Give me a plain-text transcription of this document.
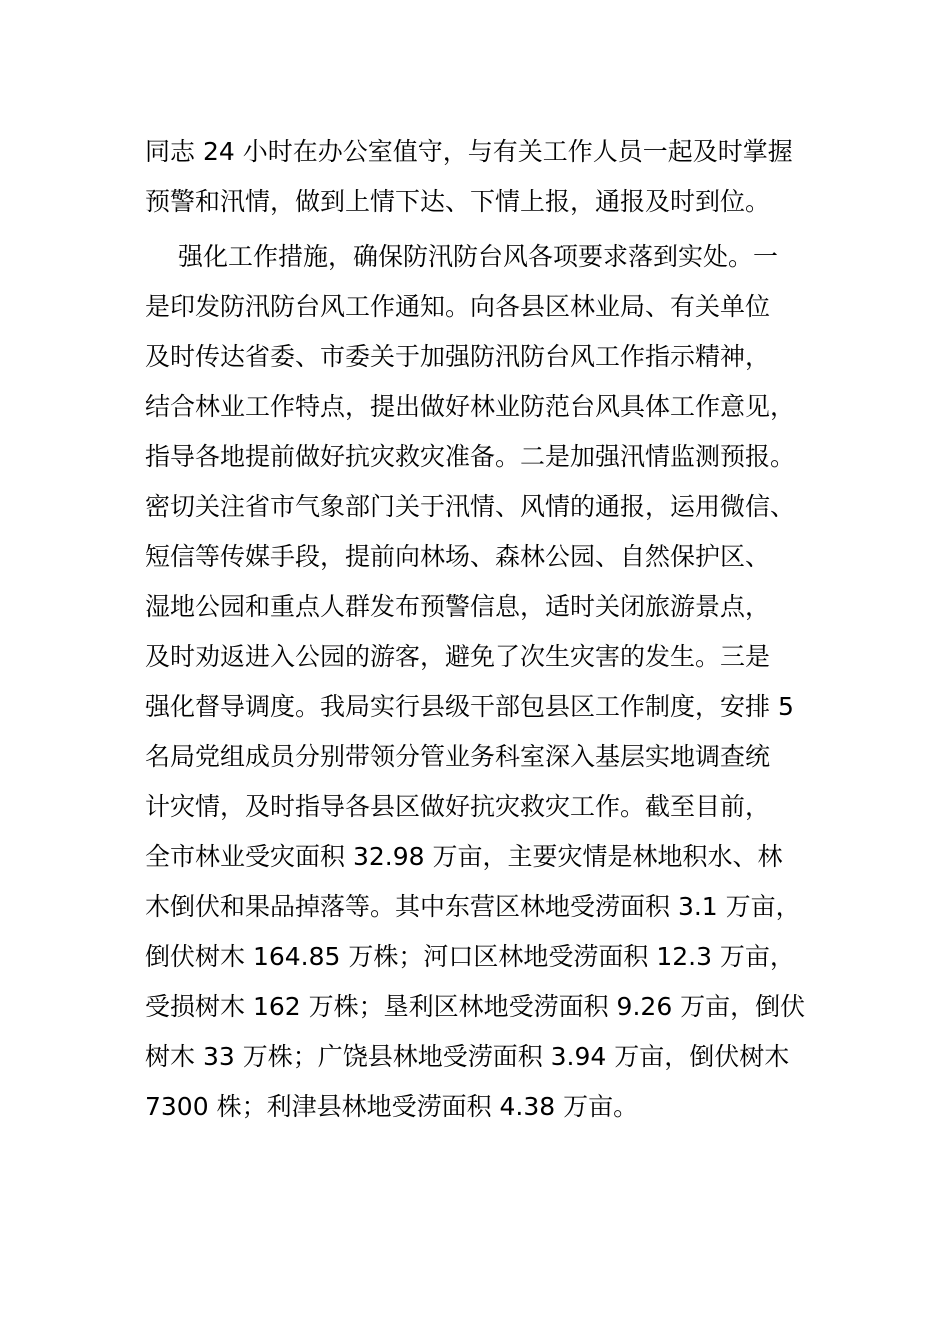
同志 24 小时在办公室值守，与有关工作人员一起及时掌握
预警和汛情，做到上情下达、下情上报，通报及时到位。
强化工作措施，确保防汛防台风各项要求落到实处。一
是印发防汛防台风工作通知。向各县区林业局、有关单位
及时传达省委、市委关于加强防汛防台风工作指示精神，
结合林业工作特点，提出做好林业防范台风具体工作意见，
指导各地提前做好抗灾救灾准备。二是加强汛情监测预报。
密切关注省市气象部门关于汛情、风情的通报，运用微信、
短信等传媒手段，提前向林场、森林公园、自然保护区、
湿地公园和重点人群发布预警信息，适时关闭旅游景点，
及时劝返进入公园的游客，避免了次生灾害的发生。三是
强化督导调度。我局实行县级干部包县区工作制度，安排 5
名局党组成员分别带领分管业务科室深入基层实地调查统
计灾情，及时指导各县区做好抗灾救灾工作。截至目前，
全市林业受灾面积 32.98 万亩，主要灾情是林地积水、林
木倒伏和果品掉落等。其中东营区林地受涝面积 3.1 万亩，
倒伏树木 164.85 万株；河口区林地受涝面积 12.3 万亩，
受损树木 162 万株；垦利区林地受涝面积 9.26 万亩，倒伏
树木 33 万株；广饶县林地受涝面积 3.94 万亩，倒伏树木
7300 株；利津县林地受涝面积 4.38 万亩。
